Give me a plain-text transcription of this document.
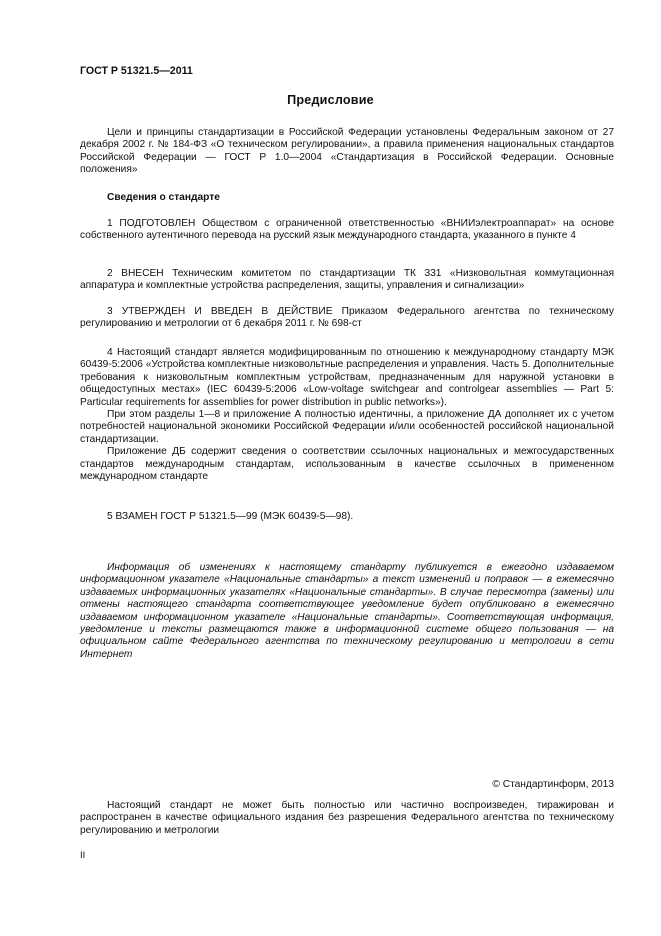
ГОСТ Р 51321.5—2011
Предисловие

Цели и принципы стандартизации в Российской Федерации установлены Федеральным законом от 27 декабря 2002 г. № 184-ФЗ «О техническом регулировании», а правила применения национальных стандартов Российской Федерации — ГОСТ Р 1.0—2004 «Стандартизация в Российской Федерации. Основные положения»

Сведения о стандарте

1 ПОДГОТОВЛЕН Обществом с ограниченной ответственностью «ВНИИэлектроаппарат» на основе собственного аутентичного перевода на русский язык международного стандарта, указанного в пункте 4

2 ВНЕСЕН Техническим комитетом по стандартизации ТК 331 «Низковольтная коммутационная аппаратура и комплектные устройства распределения, защиты, управления и сигнализации»

3 УТВЕРЖДЕН И ВВЕДЕН В ДЕЙСТВИЕ Приказом Федерального агентства по техническому регулированию и метрологии от 6 декабря 2011 г. № 698-ст

4 Настоящий стандарт является модифицированным по отношению к международному стандарту МЭК 60439-5:2006 «Устройства комплектные низковольтные распределения и управления. Часть 5. Дополнительные требования к низковольтным комплектным устройствам, предназначенным для наружной установки в общедоступных местах» (IEC 60439-5:2006 «Low-voltage switchgear and controlgear assemblies — Part 5: Particular requirements for assemblies for power distribution in public networks»).

При этом разделы 1—8 и приложение А полностью идентичны, а приложение ДА дополняет их с учетом потребностей национальной экономики Российской Федерации и/или особенностей российской национальной стандартизации.

Приложение ДБ содержит сведения о соответствии ссылочных национальных и межгосударственных стандартов международным стандартам, использованным в качестве ссылочных в примененном международном стандарте

5 ВЗАМЕН ГОСТ Р 51321.5—99 (МЭК 60439-5—98).

Информация об изменениях к настоящему стандарту публикуется в ежегодно издаваемом информационном указателе «Национальные стандарты» а текст изменений и поправок — в ежемесячно издаваемых информационных указателях «Национальные стандарты». В случае пересмотра (замены) или отмены настоящего стандарта соответствующее уведомление будет опубликовано в ежемесячно издаваемом информационном указателе «Национальные стандарты». Соответствующая информация, уведомление и тексты размещаются также в информационной системе общего пользования — на официальном сайте Федерального агентства по техническому регулированию и метрологии в сети Интернет

© Стандартинформ, 2013

Настоящий стандарт не может быть полностью или частично воспроизведен, тиражирован и распространен в качестве официального издания без разрешения Федерального агентства по техническому регулированию и метрологии

II
